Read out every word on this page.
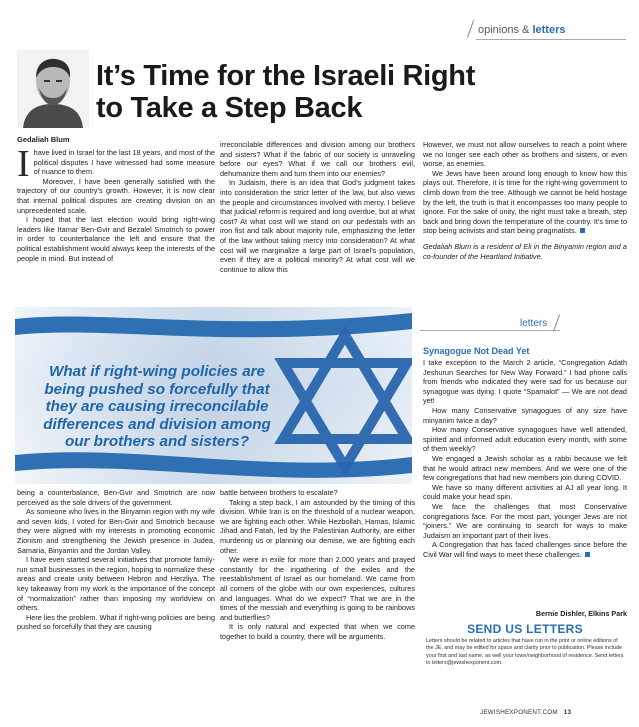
opinions & letters
It’s Time for the Israeli Right
to Take a Step Back
Gedaliah Blum
I have lived in Israel for the last 18 years, and most of the political disputes I have witnessed had some measure of nuance to them.

Moreover, I have been generally satisfied with the trajectory of our country’s growth. However, it is now clear that internal political disputes are creating division on an unprecedented scale.

I hoped that the last election would bring right-wing leaders like Itamar Ben-Gvir and Bezalel Smotrich to power in order to counterbalance the left and ensure that the political establishment would always keep the interests of the people in mind. But instead of

irreconcilable differences and division among our brothers and sisters? What if the fabric of our society is unraveling before our eyes? What if we call our brothers evil, dehumanize them and turn them into our enemies?

In Judaism, there is an idea that God’s judgment takes into consideration the strict letter of the law, but also views the people and circumstances involved with mercy. I believe that judicial reform is required and long overdue, but at what cost? At what cost will we stand on our pedestals with an iron fist and talk about majority rule, emphasizing the letter of the law without taking mercy into consideration? At what cost will we marginalize a large part of Israel’s population, even if they are a political minority? At what cost will we continue to allow this

However, we must not allow ourselves to reach a point where we no longer see each other as brothers and sisters, or even worse, as enemies.

We Jews have been around long enough to know how this plays out. Therefore, it is time for the right-wing government to climb down from the tree. Although we cannot be held hostage by the left, the truth is that it encompasses too many people to ignore. For the sake of unity, the right must take a breath, step back and bring down the temperature of the country. It’s time to stop being activists and start being pragmatists.

Gedaliah Blum is a resident of Eli in the Binyamin region and a co-founder of the Heartland Initiative.

What if right-wing policies are being pushed so forcefully that they are causing irreconcilable differences and division among our brothers and sisters?

being a counterbalance, Ben-Gvir and Smotrich are now perceived as the sole drivers of the government.

As someone who lives in the Binyamin region with my wife and seven kids, I voted for Ben-Gvir and Smotrich because they were aligned with my interests in promoting economic Zionism and strengthening the Jewish presence in Judea, Samaria, Binyamin and the Jordan Valley.

I have even started several initiatives that promote family-run small businesses in the region, hoping to normalize these areas and create unity between Hebron and Herzliya. The key takeaway from my work is the importance of the concept of “normalization” rather than imposing my worldview on others.

Here lies the problem. What if right-wing policies are being pushed so forcefully that they are causing

battle between brothers to escalate?

Taking a step back, I am astounded by the timing of this division. While Iran is on the threshold of a nuclear weapon, we are fighting each other. While Hezbollah, Hamas, Islamic Jihad and Fatah, led by the Palestinian Authority, are either murdering us or planning our demise, we are fighting each other.

We were in exile for more than 2,000 years and prayed constantly for the ingathering of the exiles and the reestablishment of Israel as our homeland. We came from all corners of the globe with our own experiences, cultures and languages. What do we expect? That we are in the times of the messiah and everything is going to be rainbows and butterflies?

It is only natural and expected that when we come together to build a country, there will be arguments.

letters
Synagogue Not Dead Yet

I take exception to the March 2 article, “Congregation Adath Jeshurun Searches for New Way Forward.” I had phone calls from friends who indicated they were sad for us because our synagogue was dying. I quote “Spamalot” — We are not dead yet!

How many Conservative synagogues of any size have minyanim twice a day?

How many Conservative synagogues have well attended, spirited and informed adult education every month, with some of them weekly?

We engaged a Jewish scholar as a rabbi because we felt that he would attract new members. And we were one of the few congregations that had new members join during COVID.

We have so many different activities at AJ all year long. It could make your head spin.

We face the challenges that most Conservative congregations face. For the most part, younger Jews are not “joiners.” We are continuing to search for ways to make Judaism an important part of their lives.

A Congregation that has faced challenges since before the Civil War will find ways to meet these challenges.

Bernie Dishler, Elkins Park
SEND US LETTERS
Letters should be related to articles that have run in the print or online editions of the JE, and may be edited for space and clarity prior to publication. Please include your first and last name, as well your town/neighborhood of residence. Send letters to letters@jewishexponent.com.
JEWISHEXPONENT.COM 13
